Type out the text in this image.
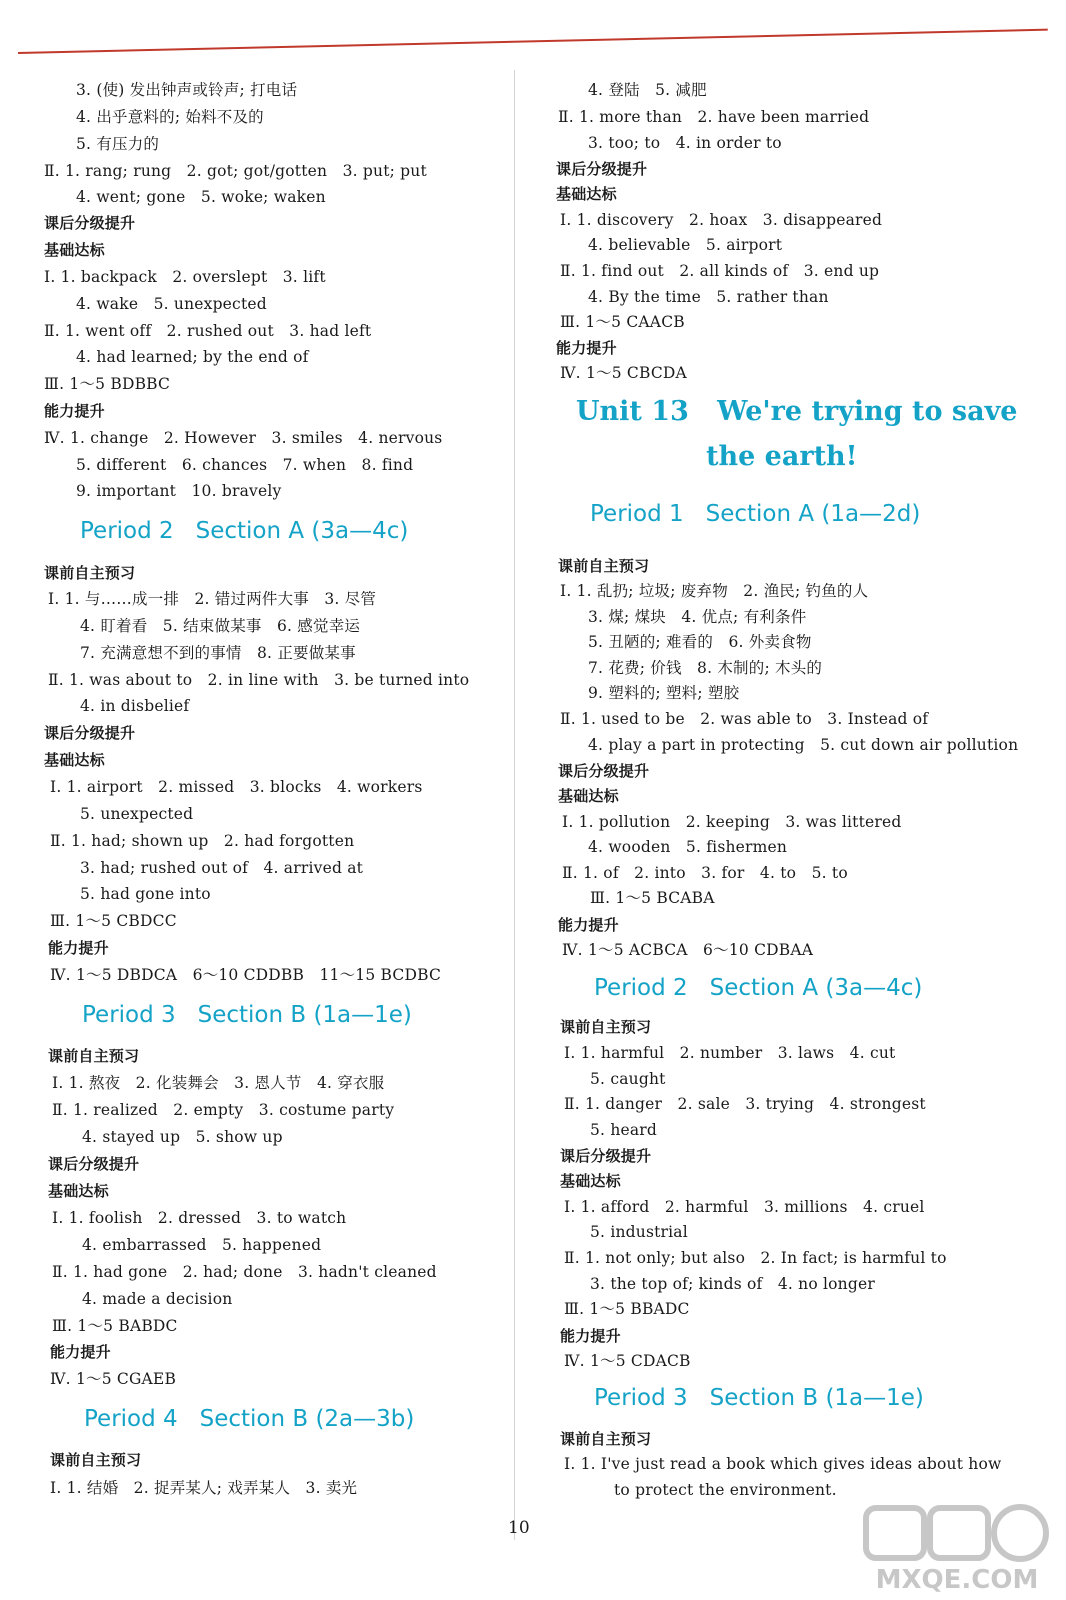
3. (使) 发出钟声或铃声; 打电话
4. 出乎意料的; 始料不及的
5. 有压力的
Ⅱ. 1. rang; rung   2. got; got/gotten   3. put; put
4. went; gone   5. woke; waken
课后分级提升
基础达标
Ⅰ. 1. backpack   2. overslept   3. lift
4. wake   5. unexpected
Ⅱ. 1. went off   2. rushed out   3. had left
4. had learned; by the end of
Ⅲ. 1～5 BDBBC
能力提升
Ⅳ. 1. change   2. However   3. smiles   4. nervous
5. different   6. chances   7. when   8. find
9. important   10. bravely
Period 2   Section A (3a—4c)
课前自主预习
Ⅰ. 1. 与……成一排   2. 错过两件大事   3. 尽管
4. 盯着看   5. 结束做某事   6. 感觉幸运
7. 充满意想不到的事情   8. 正要做某事
Ⅱ. 1. was about to   2. in line with   3. be turned into
4. in disbelief
课后分级提升
基础达标
Ⅰ. 1. airport   2. missed   3. blocks   4. workers
5. unexpected
Ⅱ. 1. had; shown up   2. had forgotten
3. had; rushed out of   4. arrived at
5. had gone into
Ⅲ. 1～5 CBDCC
能力提升
Ⅳ. 1～5 DBDCA   6～10 CDDBB   11～15 BCDBC
Period 3   Section B (1a—1e)
课前自主预习
Ⅰ. 1. 熬夜   2. 化装舞会   3. 恩人节   4. 穿衣服
Ⅱ. 1. realized   2. empty   3. costume party
4. stayed up   5. show up
课后分级提升
基础达标
Ⅰ. 1. foolish   2. dressed   3. to watch
4. embarrassed   5. happened
Ⅱ. 1. had gone   2. had; done   3. hadn't cleaned
4. made a decision
Ⅲ. 1～5 BABDC
能力提升
Ⅳ. 1～5 CGAEB
Period 4   Section B (2a—3b)
课前自主预习
Ⅰ. 1. 结婚   2. 捉弄某人; 戏弄某人   3. 卖光
4. 登陆   5. 减肥
Ⅱ. 1. more than   2. have been married
3. too; to   4. in order to
课后分级提升
基础达标
Ⅰ. 1. discovery   2. hoax   3. disappeared
4. believable   5. airport
Ⅱ. 1. find out   2. all kinds of   3. end up
4. By the time   5. rather than
Ⅲ. 1～5 CAACB
能力提升
Ⅳ. 1～5 CBCDA
Unit 13   We're trying to save
the earth!
Period 1   Section A (1a—2d)
课前自主预习
Ⅰ. 1. 乱扔; 垃圾; 废弃物   2. 渔民; 钓鱼的人
3. 煤; 煤块   4. 优点; 有利条件
5. 丑陋的; 难看的   6. 外卖食物
7. 花费; 价钱   8. 木制的; 木头的
9. 塑料的; 塑料; 塑胶
Ⅱ. 1. used to be   2. was able to   3. Instead of
4. play a part in protecting   5. cut down air pollution
课后分级提升
基础达标
Ⅰ. 1. pollution   2. keeping   3. was littered
4. wooden   5. fishermen
Ⅱ. 1. of   2. into   3. for   4. to   5. to
Ⅲ. 1～5 BCABA
能力提升
Ⅳ. 1～5 ACBCA   6～10 CDBAA
Period 2   Section A (3a—4c)
课前自主预习
Ⅰ. 1. harmful   2. number   3. laws   4. cut
5. caught
Ⅱ. 1. danger   2. sale   3. trying   4. strongest
5. heard
课后分级提升
基础达标
Ⅰ. 1. afford   2. harmful   3. millions   4. cruel
5. industrial
Ⅱ. 1. not only; but also   2. In fact; is harmful to
3. the top of; kinds of   4. no longer
Ⅲ. 1～5 BBADC
能力提升
Ⅳ. 1～5 CDACB
Period 3   Section B (1a—1e)
课前自主预习
Ⅰ. 1. I've just read a book which gives ideas about how
to protect the environment.
10
MXQE.COM
